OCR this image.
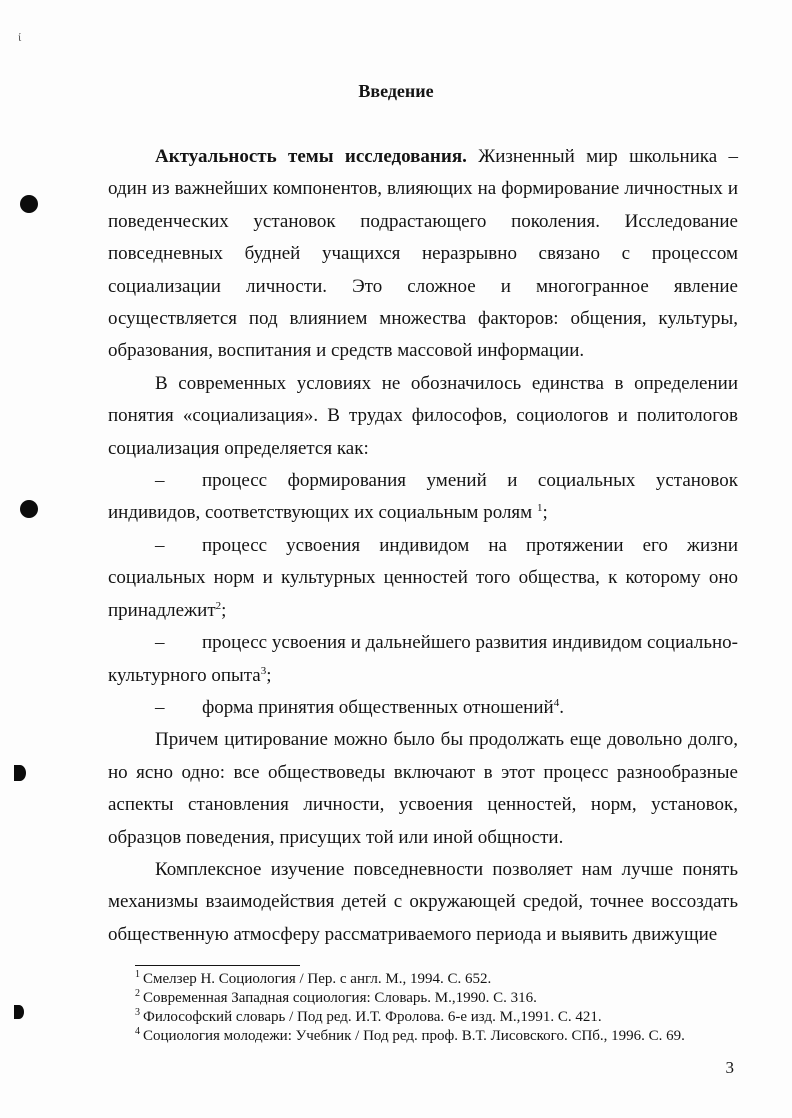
ί
Введение

Актуальность темы исследования. Жизненный мир школьника – один из важнейших компонентов, влияющих на формирование личностных и поведенческих установок подрастающего поколения. Исследование повседневных будней учащихся неразрывно связано с процессом социализации личности. Это сложное и многогранное явление осуществляется под влиянием множества факторов: общения, культуры, образования, воспитания и средств массовой информации.

В современных условиях не обозначилось единства в определении понятия «социализация». В трудах философов, социологов и политологов социализация определяется как:

– процесс формирования умений и социальных установок индивидов, соответствующих их социальным ролям $^1$;

– процесс усвоения индивидом на протяжении его жизни социальных норм и культурных ценностей того общества, к которому оно принадлежит$^2$;

– процесс усвоения и дальнейшего развития индивидом социально-культурного опыта$^3$;

– форма принятия общественных отношений$^4$.

Причем цитирование можно было бы продолжать еще довольно долго, но ясно одно: все обществоведы включают в этот процесс разнообразные аспекты становления личности, усвоения ценностей, норм, установок, образцов поведения, присущих той или иной общности.

Комплексное изучение повседневности позволяет нам лучше понять механизмы взаимодействия детей с окружающей средой, точнее воссоздать общественную атмосферу рассматриваемого периода и выявить движущие

$^1$ Смелзер Н. Социология / Пер. с англ. М., 1994. С. 652.

$^2$ Современная Западная социология: Словарь. М.,1990. С. 316.

$^3$ Философский словарь / Под ред. И.Т. Фролова. 6-е изд. М.,1991. С. 421.

$^4$ Социология молодежи: Учебник / Под ред. проф. В.Т. Лисовского. СПб., 1996. С. 69.

3
